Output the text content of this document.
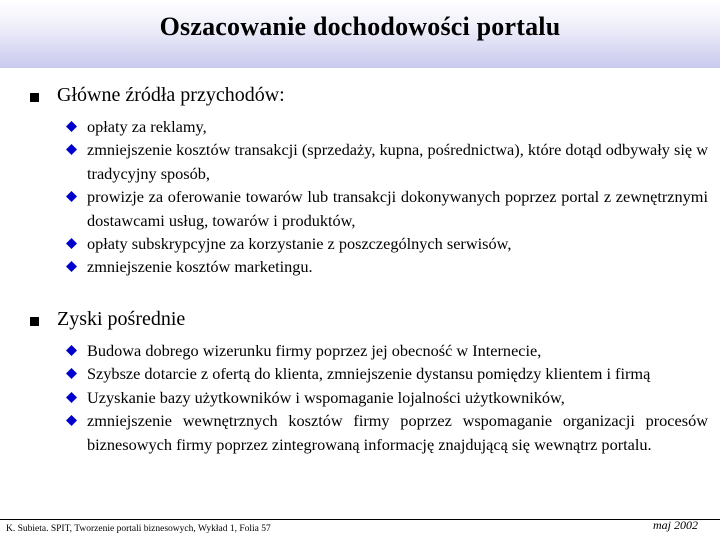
Oszacowanie dochodowości portalu
Główne źródła przychodów:
opłaty za reklamy,
zmniejszenie kosztów transakcji (sprzedaży, kupna, pośrednictwa), które dotąd odbywały się w tradycyjny sposób,
prowizje za oferowanie towarów lub transakcji dokonywanych poprzez portal z zewnętrznymi dostawcami usług, towarów i produktów,
opłaty subskrypcyjne za korzystanie z poszczególnych serwisów,
zmniejszenie kosztów marketingu.
Zyski pośrednie
Budowa dobrego wizerunku firmy poprzez jej obecność w Internecie,
Szybsze dotarcie z ofertą do klienta, zmniejszenie dystansu pomiędzy klientem i firmą
Uzyskanie bazy użytkowników i wspomaganie lojalności użytkowników,
zmniejszenie wewnętrznych kosztów firmy poprzez wspomaganie organizacji procesów biznesowych firmy poprzez zintegrowaną informację znajdującą się wewnątrz portalu.
K. Subieta. SPIT, Tworzenie portali biznesowych, Wykład 1, Folia 57	maj 2002
